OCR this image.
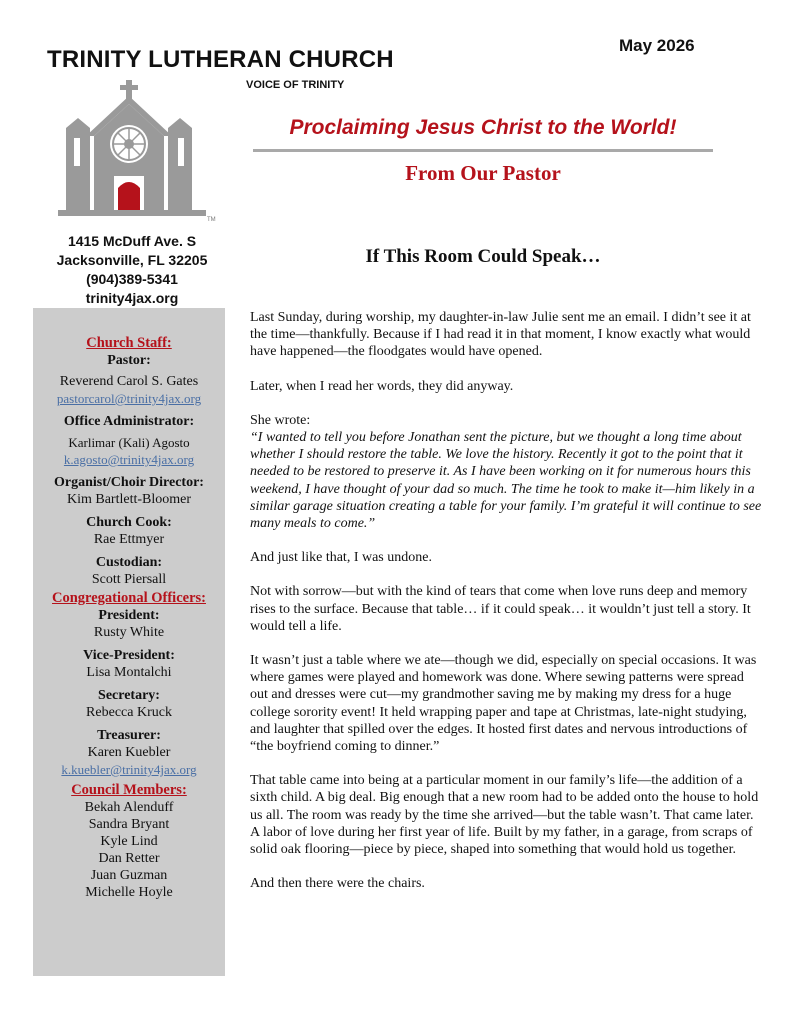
TRINITY LUTHERAN CHURCH
May 2026
VOICE OF TRINITY
TM
Proclaiming Jesus Christ to the World!
From Our Pastor
1415 McDuff Ave. S
Jacksonville, FL 32205
(904)389-5341
trinity4jax.org
Church Staff:
Pastor:
Reverend Carol S. Gates
pastorcarol@trinity4jax.org
Office Administrator:
Karlimar (Kali) Agosto
k.agosto@trinity4jax.org
Organist/Choir Director:
Kim Bartlett-Bloomer
Church Cook:
Rae Ettmyer
Custodian:
Scott Piersall
Congregational Officers:
President:
Rusty White
Vice-President:
Lisa Montalchi
Secretary:
Rebecca Kruck
Treasurer:
Karen Kuebler
k.kuebler@trinity4jax.org
Council Members:
Bekah Alenduff
Sandra Bryant
Kyle Lind
Dan Retter
Juan Guzman
Michelle Hoyle
If This Room Could Speak…

Last Sunday, during worship, my daughter-in-law Julie sent me an email. I didn’t see it at the time—thankfully. Because if I had read it in that moment, I know exactly what would have happened—the floodgates would have opened.

Later, when I read her words, they did anyway.

She wrote:

“I wanted to tell you before Jonathan sent the picture, but we thought a long time about whether I should restore the table. We love the history. Recently it got to the point that it needed to be restored to preserve it. As I have been working on it for numerous hours this weekend, I have thought of your dad so much. The time he took to make it—him likely in a similar garage situation creating a table for your family. I’m grateful it will continue to see many meals to come.”

And just like that, I was undone.

Not with sorrow—but with the kind of tears that come when love runs deep and memory rises to the surface. Because that table… if it could speak… it wouldn’t just tell a story. It would tell a life.

It wasn’t just a table where we ate—though we did, especially on special occasions. It was where games were played and homework was done. Where sewing patterns were spread out and dresses were cut—my grandmother saving me by making my dress for a huge college sorority event! It held wrapping paper and tape at Christmas, late-night studying, and laughter that spilled over the edges. It hosted first dates and nervous introductions of “the boyfriend coming to dinner.”

That table came into being at a particular moment in our family’s life—the addition of a sixth child. A big deal. Big enough that a new room had to be added onto the house to hold us all. The room was ready by the time she arrived—but the table wasn’t. That came later. A labor of love during her first year of life. Built by my father, in a garage, from scraps of solid oak flooring—piece by piece, shaped into something that would hold us together.

And then there were the chairs.
